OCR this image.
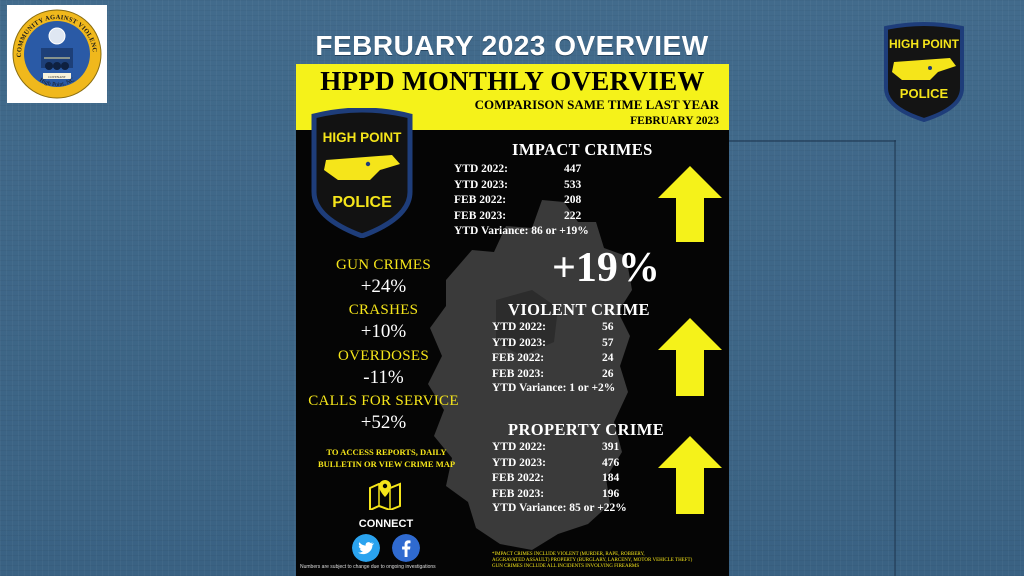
COMMUNITY AGAINST VIOLENC
High Point, NC
COVENANT
HIGH POINT
POLICE
FEBRUARY 2023 OVERVIEW
HPPD MONTHLY OVERVIEW
COMPARISON SAME TIME LAST YEAR
FEBRUARY 2023
HIGH POINT
POLICE
IMPACT CRIMES
YTD 2022:	447
YTD 2023:	533
FEB 2022:	208
FEB 2023:	222
YTD Variance: 86 or +19%
+19%
VIOLENT CRIME
YTD 2022:	56
YTD 2023:	57
FEB 2022:	24
FEB 2023:	26
YTD Variance: 1 or +2%
PROPERTY CRIME
YTD 2022:	391
YTD 2023:	476
FEB 2022:	184
FEB 2023:	196
YTD Variance: 85 or +22%
GUN CRIMES
+24%
CRASHES
+10%
OVERDOSES
-11%
CALLS FOR SERVICE
+52%
TO ACCESS REPORTS, DAILY
BULLETIN OR VIEW CRIME MAP
CONNECT
Numbers are subject to change due to ongoing investigations
*IMPACT CRIMES INCLUDE VIOLENT (MURDER, RAPE, ROBBERY,
AGGRAVATED ASSAULT) PROPERTY (BURGLARY, LARCENY, MOTOR VEHICLE THEFT)
GUN CRIMES INCLUDE ALL INCIDENTS INVOLVING FIREARMS
